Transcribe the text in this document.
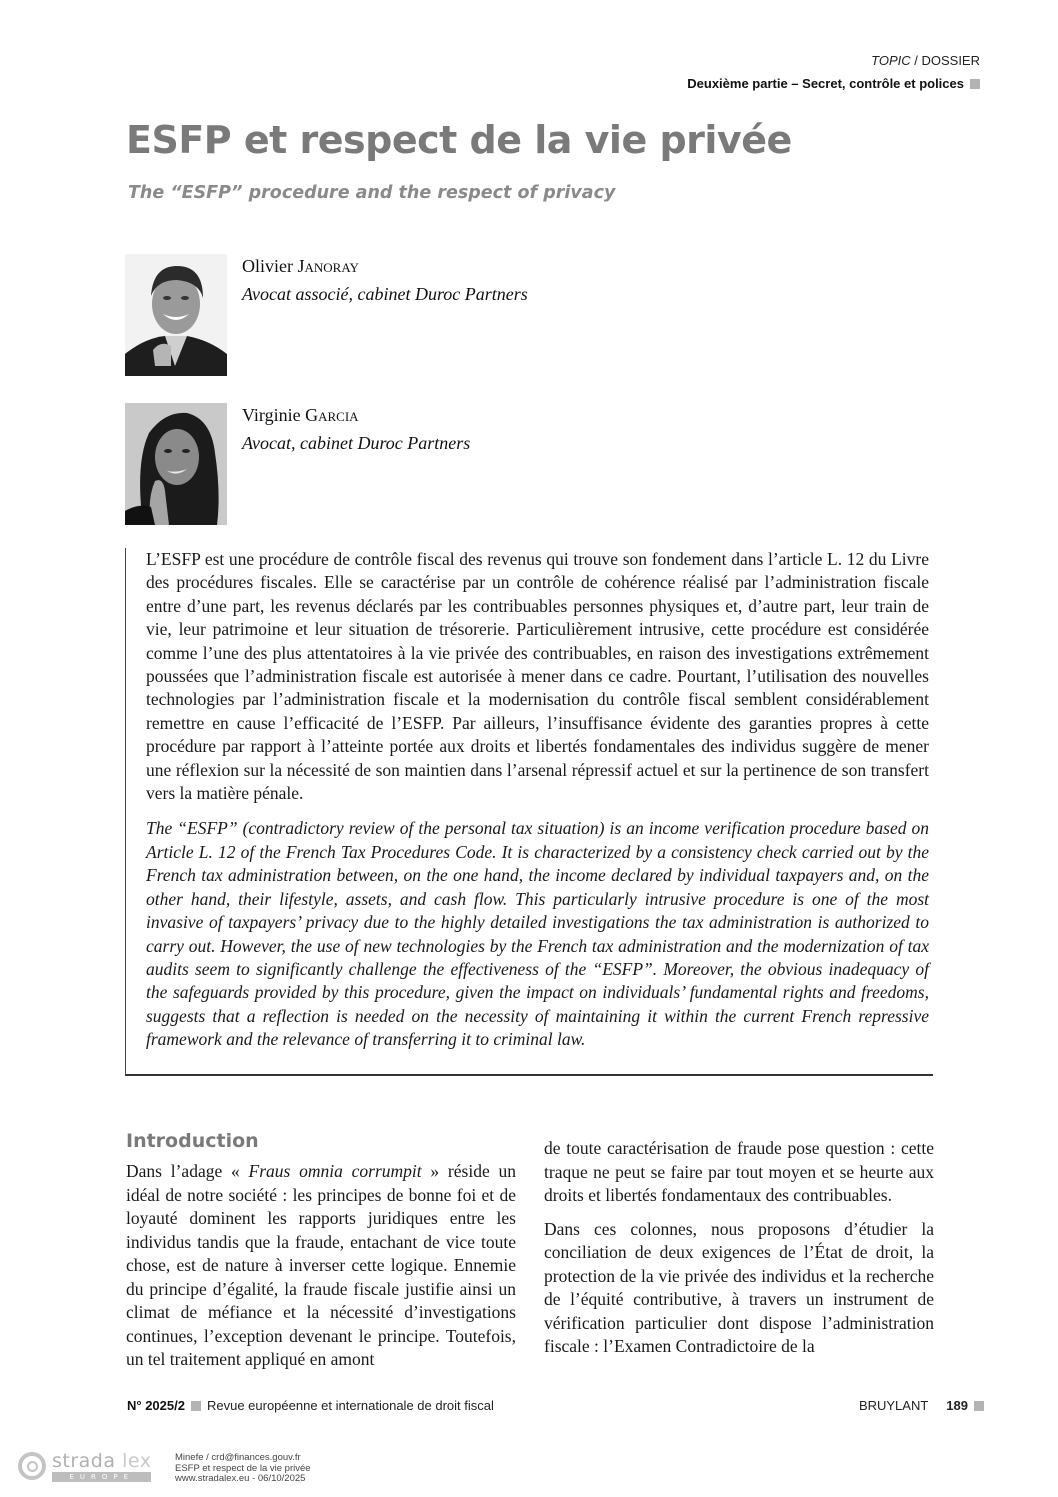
TOPIC / DOSSIER
Deuxième partie – Secret, contrôle et polices
ESFP et respect de la vie privée
The “ESFP” procedure and the respect of privacy
Olivier Janoray
Avocat associé, cabinet Duroc Partners
Virginie Garcia
Avocat, cabinet Duroc Partners

L’ESFP est une procédure de contrôle fiscal des revenus qui trouve son fondement dans l’article L. 12 du Livre des procédures fiscales. Elle se caractérise par un contrôle de cohérence réalisé par l’administration fiscale entre d’une part, les revenus déclarés par les contribuables personnes physiques et, d’autre part, leur train de vie, leur patrimoine et leur situation de trésorerie. Particulièrement intrusive, cette procédure est considérée comme l’une des plus attentatoires à la vie privée des contribuables, en raison des investigations extrêmement poussées que l’administration fiscale est autorisée à mener dans ce cadre. Pourtant, l’utilisation des nouvelles technologies par l’administration fiscale et la modernisation du contrôle fiscal semblent considérablement remettre en cause l’efficacité de l’ESFP. Par ailleurs, l’insuffisance évidente des garanties propres à cette procédure par rapport à l’atteinte portée aux droits et libertés fondamentales des individus suggère de mener une réflexion sur la nécessité de son maintien dans l’arsenal répressif actuel et sur la pertinence de son transfert vers la matière pénale.

The “ESFP” (contradictory review of the personal tax situation) is an income verification procedure based on Article L. 12 of the French Tax Procedures Code. It is characterized by a consistency check carried out by the French tax administration between, on the one hand, the income declared by individual taxpayers and, on the other hand, their lifestyle, assets, and cash flow. This particularly intrusive procedure is one of the most invasive of taxpayers’ privacy due to the highly detailed investigations the tax administration is authorized to carry out. However, the use of new technologies by the French tax administration and the modernization of tax audits seem to significantly challenge the effectiveness of the “ESFP”. Moreover, the obvious inadequacy of the safeguards provided by this procedure, given the impact on individuals’ fundamental rights and freedoms, suggests that a reflection is needed on the necessity of maintaining it within the current French repressive framework and the relevance of transferring it to criminal law.

Introduction

Dans l’adage « Fraus omnia corrumpit » réside un idéal de notre société : les principes de bonne foi et de loyauté dominent les rapports juridiques entre les individus tandis que la fraude, entachant de vice toute chose, est de nature à inverser cette logique. Ennemie du principe d’égalité, la fraude fiscale justifie ainsi un climat de méfiance et la nécessité d’investigations continues, l’exception devenant le principe. Toutefois, un tel traitement appliqué en amont

de toute caractérisation de fraude pose question : cette traque ne peut se faire par tout moyen et se heurte aux droits et libertés fondamentaux des contribuables.

Dans ces colonnes, nous proposons d’étudier la conciliation de deux exigences de l’État de droit, la protection de la vie privée des individus et la recherche de l’équité contributive, à travers un instrument de vérification particulier dont dispose l’administration fiscale : l’Examen Contradictoire de la

N° 2025/2 Revue européenne et internationale de droit fiscal	BRUYLANT 189
strada lex
EUROPE
Minefe / crd@finances.gouv.fr
ESFP et respect de la vie privée
www.stradalex.eu - 06/10/2025
